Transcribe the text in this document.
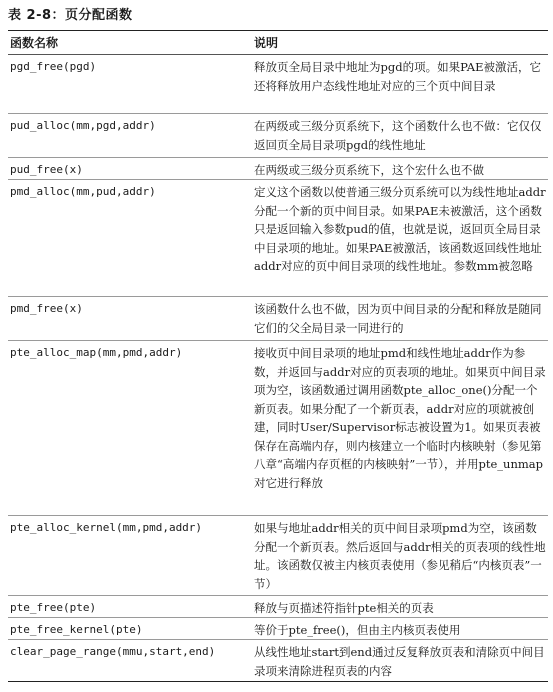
表 2-8：页分配函数
函数名称	说明
pgd_free(pgd)	释放页全局目录中地址为pgd的项。如果PAE被激活，它还将释放用户态线性地址对应的三个页中间目录
pud_alloc(mm,pgd,addr)	在两级或三级分页系统下，这个函数什么也不做：它仅仅返回页全局目录项pgd的线性地址
pud_free(x)	在两级或三级分页系统下，这个宏什么也不做
pmd_alloc(mm,pud,addr)	定义这个函数以使普通三级分页系统可以为线性地址addr分配一个新的页中间目录。如果PAE未被激活，这个函数只是返回输入参数pud的值，也就是说，返回页全局目录中目录项的地址。如果PAE被激活，该函数返回线性地址addr对应的页中间目录项的线性地址。参数mm被忽略
pmd_free(x)	该函数什么也不做，因为页中间目录的分配和释放是随同它们的父全局目录一同进行的
pte_alloc_map(mm,pmd,addr)	接收页中间目录项的地址pmd和线性地址addr作为参数，并返回与addr对应的页表项的地址。如果页中间目录项为空，该函数通过调用函数pte_alloc_one()分配一个新页表。如果分配了一个新页表，addr对应的项就被创建，同时User/Supervisor标志被设置为1。如果页表被保存在高端内存，则内核建立一个临时内核映射（参见第八章“高端内存页框的内核映射”一节），并用pte_unmap对它进行释放
pte_alloc_kernel(mm,pmd,addr)	如果与地址addr相关的页中间目录项pmd为空，该函数分配一个新页表。然后返回与addr相关的页表项的线性地址。该函数仅被主内核页表使用（参见稍后“内核页表”一节）
pte_free(pte)	释放与页描述符指针pte相关的页表
pte_free_kernel(pte)	等价于pte_free()，但由主内核页表使用
clear_page_range(mmu,start,end)	从线性地址start到end通过反复释放页表和清除页中间目录项来清除进程页表的内容
